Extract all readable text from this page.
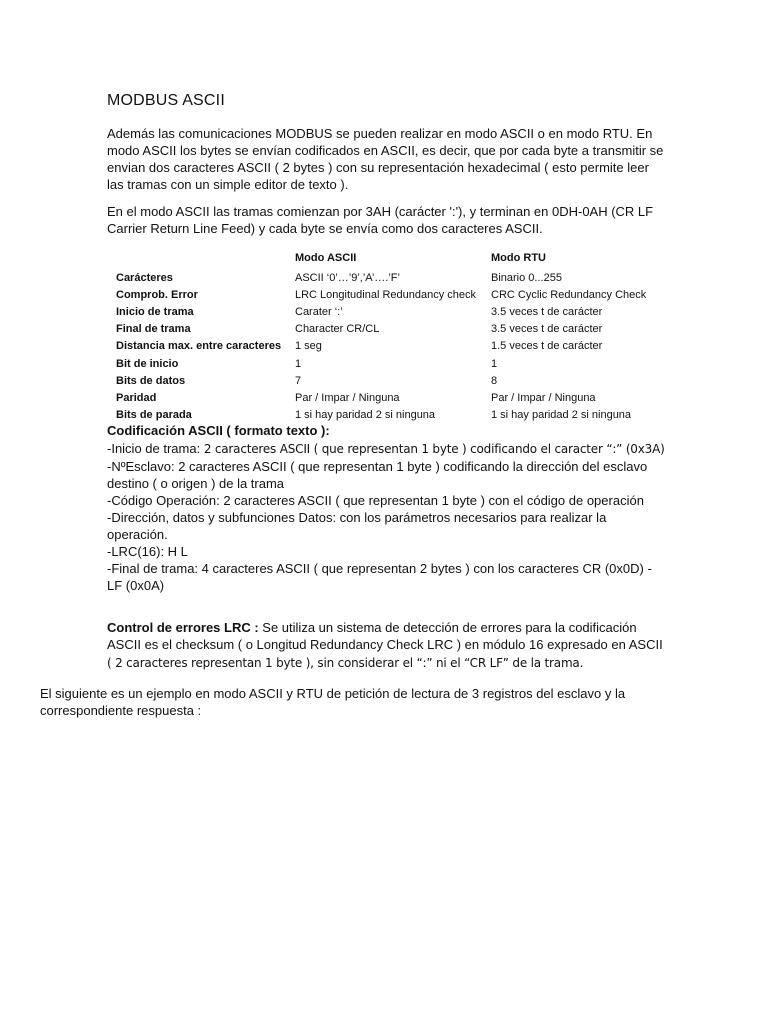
MODBUS ASCII

Además las comunicaciones MODBUS se pueden realizar en modo ASCII o en modo RTU. En modo ASCII los bytes se envían codificados en ASCII, es decir, que por cada byte a transmitir se envian dos caracteres ASCII ( 2 bytes ) con su representación hexadecimal ( esto permite leer las tramas con un simple editor de texto ).

En el modo ASCII las tramas comienzan por 3AH (carácter ':'), y terminan en 0DH-0AH (CR LF Carrier Return Line Feed) y cada byte se envía como dos caracteres ASCII.

	Modo ASCII	Modo RTU
Carácteres	ASCII ‘0’…’9’,’A’….’F’	Binario 0...255
Comprob. Error	LRC Longitudinal Redundancy check	CRC Cyclic Redundancy Check
Inicio de trama	Carater ‘:’	3.5 veces t de carácter
Final de trama	Character CR/CL	3.5 veces t de carácter
Distancia max. entre caracteres	1 seg	1.5 veces t de carácter
Bit de inicio	1	1
Bits de datos	7	8
Paridad	Par / Impar / Ninguna	Par / Impar / Ninguna
Bits de parada	1 si hay paridad 2 si ninguna	1 si hay paridad 2 si ninguna
Codificación ASCII ( formato texto ):
-Inicio de trama: 2 caracteres ASCII ( que representan 1 byte ) codificando el caracter “:” (0x3A)
-NºEsclavo: 2 caracteres ASCII ( que representan 1 byte ) codificando la dirección del esclavo destino ( o origen ) de la trama
-Código Operación: 2 caracteres ASCII ( que representan 1 byte ) con el código de operación
-Dirección, datos y subfunciones Datos: con los parámetros necesarios para realizar la operación.
-LRC(16): H L
-Final de trama: 4 caracteres ASCII ( que representan 2 bytes ) con los caracteres CR (0x0D) - LF (0x0A)

Control de errores LRC : Se utiliza un sistema de detección de errores para la codificación ASCII es el checksum ( o Longitud Redundancy Check LRC ) en módulo 16 expresado en ASCII ( 2 caracteres representan 1 byte ), sin considerar el “:” ni el “CR LF” de la trama.

El siguiente es un ejemplo en modo ASCII y RTU de petición de lectura de 3 registros del esclavo y la correspondiente respuesta :
